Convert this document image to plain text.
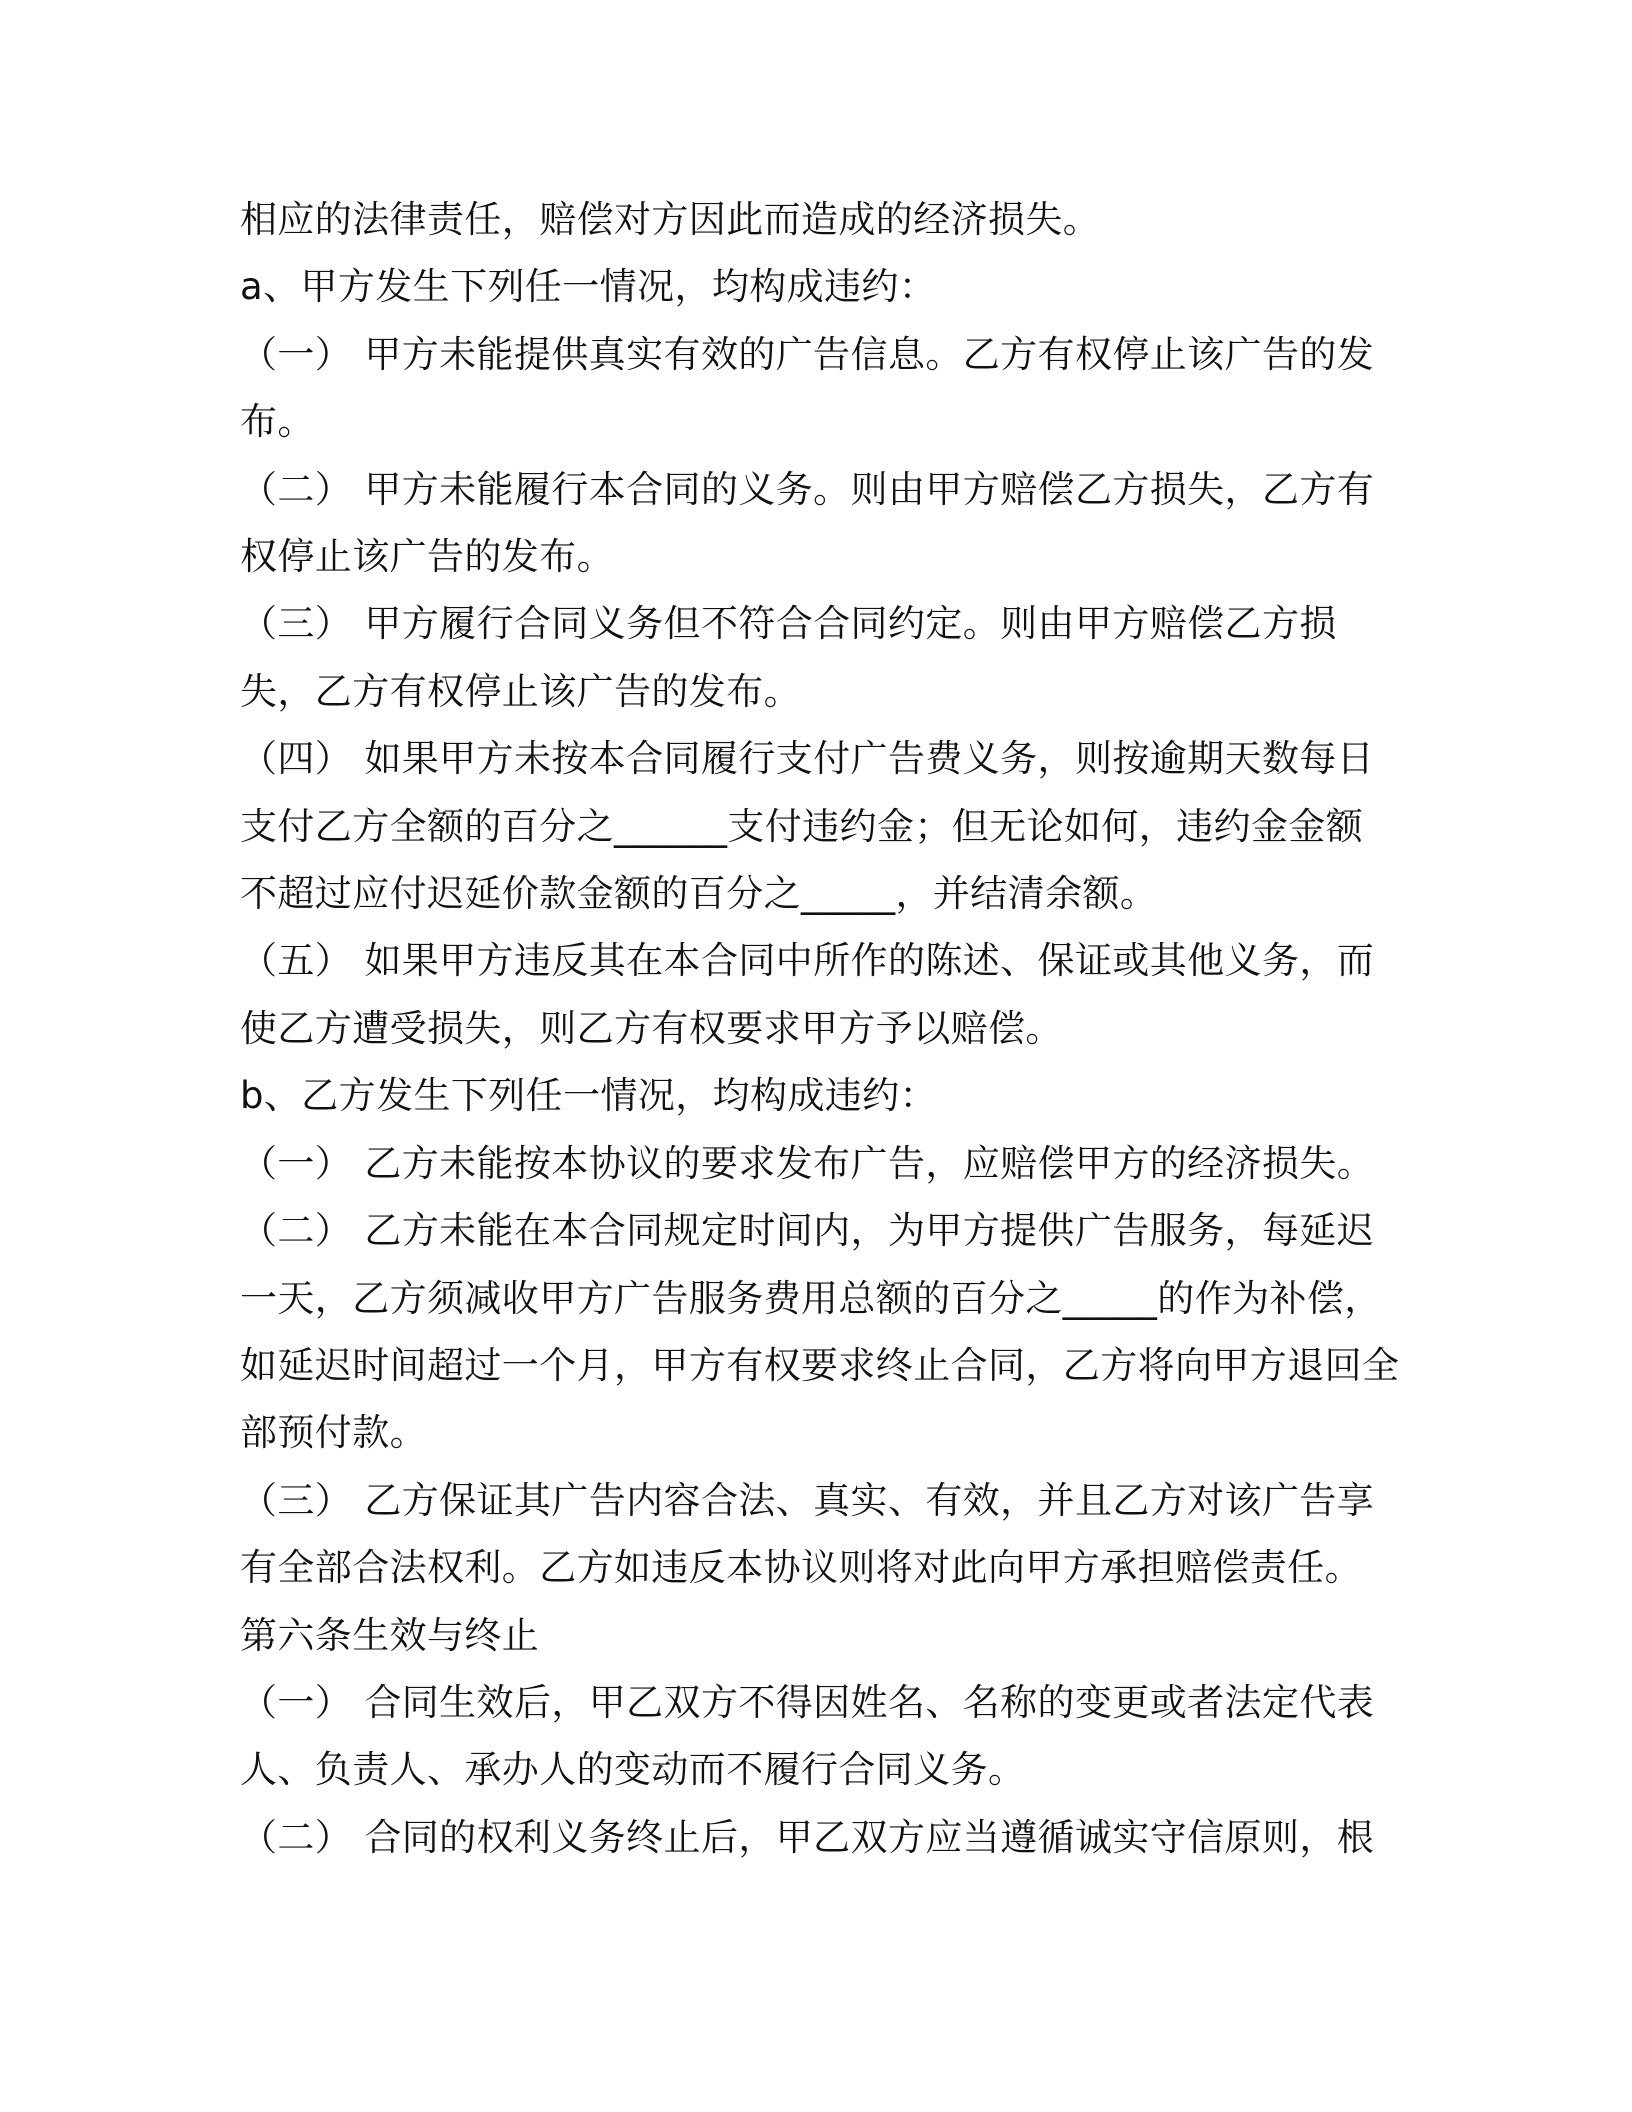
相应的法律责任，赔偿对方因此而造成的经济损失。

a、甲方发生下列任一情况，均构成违约：

（一） 甲方未能提供真实有效的广告信息。乙方有权停止该广告的发布。

（二） 甲方未能履行本合同的义务。则由甲方赔偿乙方损失，乙方有权停止该广告的发布。

（三） 甲方履行合同义务但不符合合同约定。则由甲方赔偿乙方损失，乙方有权停止该广告的发布。

（四） 如果甲方未按本合同履行支付广告费义务，则按逾期天数每日支付乙方全额的百分之______支付违约金；但无论如何，违约金金额不超过应付迟延价款金额的百分之_____，并结清余额。

（五） 如果甲方违反其在本合同中所作的陈述、保证或其他义务，而使乙方遭受损失，则乙方有权要求甲方予以赔偿。

b、乙方发生下列任一情况，均构成违约：

（一） 乙方未能按本协议的要求发布广告，应赔偿甲方的经济损失。

（二） 乙方未能在本合同规定时间内，为甲方提供广告服务，每延迟一天，乙方须减收甲方广告服务费用总额的百分之_____的作为补偿，如延迟时间超过一个月，甲方有权要求终止合同，乙方将向甲方退回全部预付款。

（三） 乙方保证其广告内容合法、真实、有效，并且乙方对该广告享有全部合法权利。乙方如违反本协议则将对此向甲方承担赔偿责任。

第六条生效与终止

（一） 合同生效后，甲乙双方不得因姓名、名称的变更或者法定代表人、负责人、承办人的变动而不履行合同义务。

（二） 合同的权利义务终止后，甲乙双方应当遵循诚实守信原则，根
